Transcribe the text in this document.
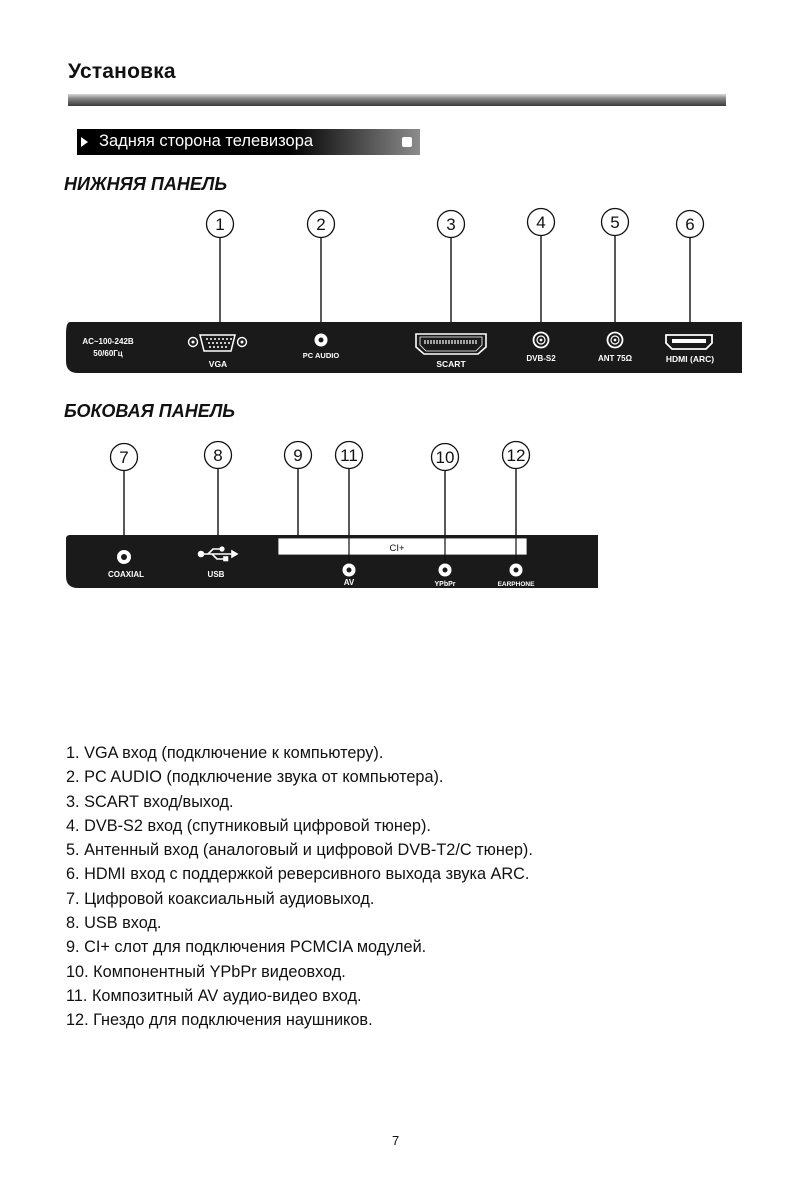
Установка
Задняя сторона телевизора
НИЖНЯЯ ПАНЕЛЬ
1	2	3	4	5	6
AC~100-242В
50/60Гц
VGA
PC AUDIO
SCART
DVB-S2	ANT 75Ω	HDMI (ARC)
БОКОВАЯ ПАНЕЛЬ
7	8	9 11	10	12
CI+
COAXIAL	USB
AV	YPbPr	EARPHONE
1. VGA вход (подключение к компьютеру).
2. PC AUDIO (подключение звука от компьютера).
3. SCART вход/выход.
4. DVB-S2 вход (спутниковый цифровой тюнер).
5. Антенный вход (аналоговый и цифровой DVB-T2/C тюнер).
6. HDMI вход с поддержкой реверсивного выхода звука ARC.
7. Цифровой коаксиальный аудиовыход.
8. USB вход.
9. CI+ слот для подключения PCMCIA модулей.
10. Компонентный YPbPr видеовход.
11. Композитный AV аудио-видео вход.
12. Гнездо для подключения наушников.
7
